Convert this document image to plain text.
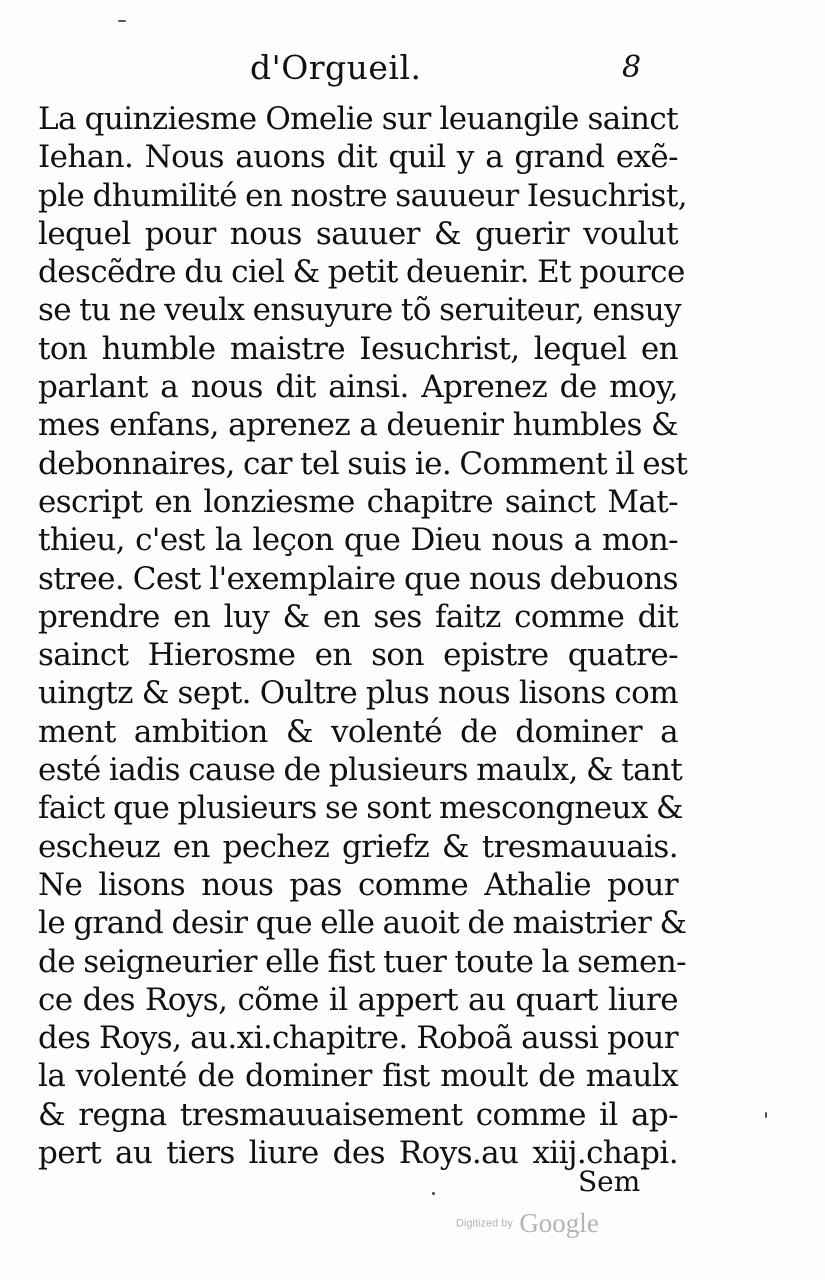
d'Orgueil.	8
La quinziesme Omelie sur leuangile sainct
Iehan. Nous auons dit quil y a grand exẽ-
ple dhumilité en nostre sauueur Iesuchrist,
lequel pour nous sauuer & guerir voulut
descẽdre du ciel & petit deuenir. Et pource
se tu ne veulx ensuyure tõ seruiteur, ensuy
ton humble maistre Iesuchrist, lequel en
parlant a nous dit ainsi. Aprenez de moy,
mes enfans, aprenez a deuenir humbles &
debonnaires, car tel suis ie. Comment il est
escript en lonziesme chapitre sainct Mat-
thieu, c'est la leçon que Dieu nous a mon-
stree. Cest l'exemplaire que nous debuons
prendre en luy & en ses faitz comme dit
sainct Hierosme en son epistre quatre-
uingtz & sept. Oultre plus nous lisons com
ment ambition & volenté de dominer a
esté iadis cause de plusieurs maulx, & tant
faict que plusieurs se sont mescongneux &
escheuz en pechez griefz & tresmauuais.
Ne lisons nous pas comme Athalie pour
le grand desir que elle auoit de maistrier &
de seigneurier elle fist tuer toute la semen-
ce des Roys, cõme il appert au quart liure
des Roys, au.xi.chapitre. Roboã aussi pour
la volenté de dominer fist moult de maulx
& regna tresmauuaisement comme il ap-
pert au tiers liure des Roys.au xiij.chapi.
Sem
Digitized by Google
